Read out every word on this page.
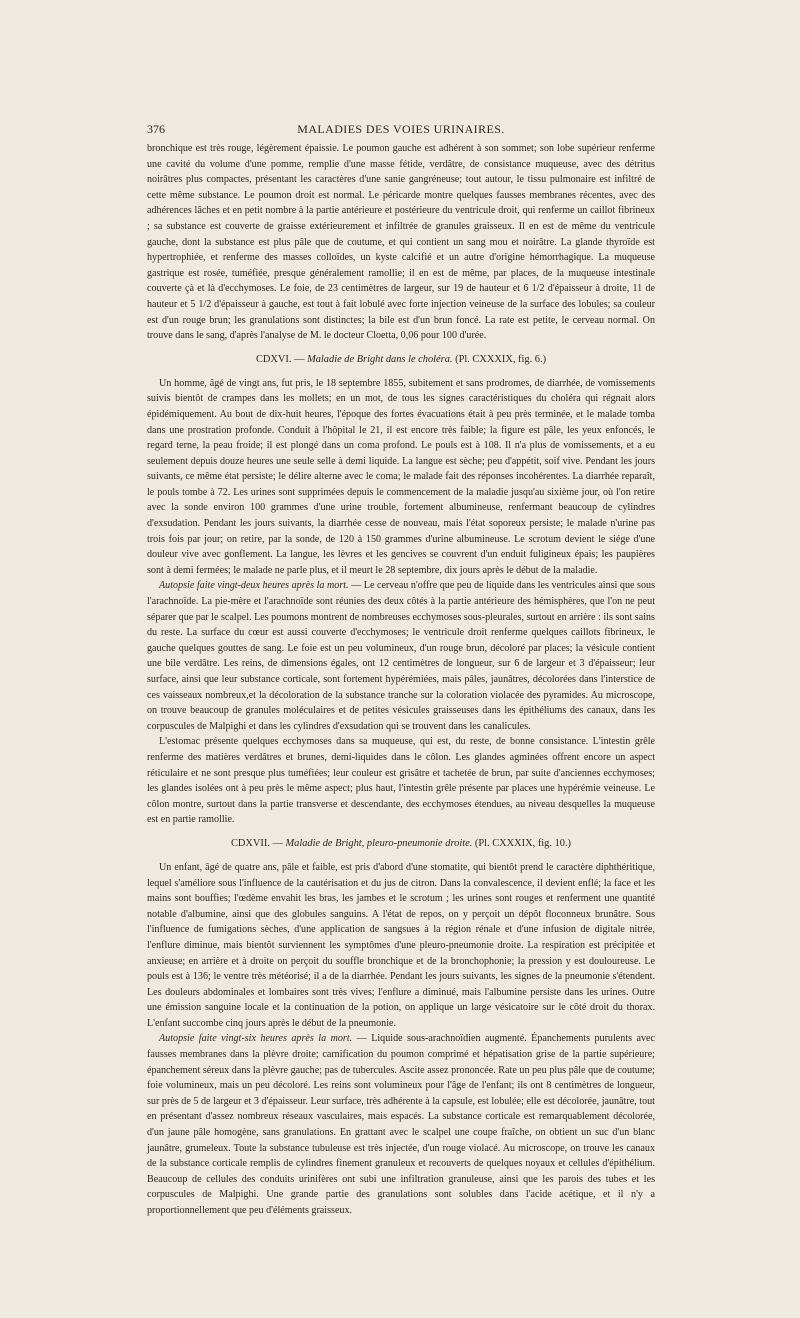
376	MALADIES DES VOIES URINAIRES.

bronchique est très rouge, légèrement épaissie. Le poumon gauche est adhérent à son sommet; son lobe supérieur renferme une cavité du volume d'une pomme, remplie d'une masse fétide, verdâtre, de consistance muqueuse, avec des détritus noirâtres plus compactes, présentant les caractères d'une sanie gangréneuse; tout autour, le tissu pulmonaire est infiltré de cette même substance. Le poumon droit est normal. Le péricarde montre quelques fausses membranes récentes, avec des adhérences lâches et en petit nombre à la partie antérieure et postérieure du ventricule droit, qui renferme un caillot fibrineux ; sa substance est couverte de graisse extérieurement et infiltrée de granules graisseux. Il en est de même du ventricule gauche, dont la substance est plus pâle que de coutume, et qui contient un sang mou et noirâtre. La glande thyroïde est hypertrophiée, et renferme des masses colloïdes, un kyste calcifié et un autre d'origine hémorrhagique. La muqueuse gastrique est rosée, tuméfiée, presque généralement ramollie; il en est de même, par places, de la muqueuse intestinale couverte çà et là d'ecchymoses. Le foie, de 23 centimètres de largeur, sur 19 de hauteur et 6 1/2 d'épaisseur à droite, 11 de hauteur et 5 1/2 d'épaisseur à gauche, est tout à fait lobulé avec forte injection veineuse de la surface des lobules; sa couleur est d'un rouge brun; les granulations sont distinctes; la bile est d'un brun foncé. La rate est petite, le cerveau normal. On trouve dans le sang, d'après l'analyse de M. le docteur Cloetta, 0,06 pour 100 d'urée.

CDXVI. — Maladie de Bright dans le choléra. (Pl. CXXXIX, fig. 6.)

Un homme, âgé de vingt ans, fut pris, le 18 septembre 1855, subitement et sans prodromes, de diarrhée, de vomissements suivis bientôt de crampes dans les mollets; en un mot, de tous les signes caractéristiques du choléra qui régnait alors épidémiquement. Au bout de dix-huit heures, l'époque des fortes évacuations était à peu près terminée, et le malade tomba dans une prostration profonde. Conduit à l'hôpital le 21, il est encore très faible; la figure est pâle, les yeux enfoncés, le regard terne, la peau froide; il est plongé dans un coma profond. Le pouls est à 108. Il n'a plus de vomissements, et a eu seulement depuis douze heures une seule selle à demi liquide. La langue est sèche; peu d'appétit, soif vive. Pendant les jours suivants, ce même état persiste; le délire alterne avec le coma; le malade fait des réponses incohérentes. La diarrhée reparaît, le pouls tombe à 72. Les urines sont supprimées depuis le commencement de la maladie jusqu'au sixième jour, où l'on retire avec la sonde environ 100 grammes d'une urine trouble, fortement albumineuse, renfermant beaucoup de cylindres d'exsudation. Pendant les jours suivants, la diarrhée cesse de nouveau, mais l'état soporeux persiste; le malade n'urine pas trois fois par jour; on retire, par la sonde, de 120 à 150 grammes d'urine albumineuse. Le scrotum devient le siége d'une douleur vive avec gonflement. La langue, les lèvres et les gencives se couvrent d'un enduit fuligineux épais; les paupières sont à demi fermées; le malade ne parle plus, et il meurt le 28 septembre, dix jours après le début de la maladie.

Autopsie faite vingt-deux heures après la mort. — Le cerveau n'offre que peu de liquide dans les ventricules ainsi que sous l'arachnoïde. La pie-mère et l'arachnoïde sont réunies des deux côtés à la partie antérieure des hémisphères, que l'on ne peut séparer que par le scalpel. Les poumons montrent de nombreuses ecchymoses sous-pleurales, surtout en arrière : ils sont sains du reste. La surface du cœur est aussi couverte d'ecchymoses; le ventricule droit renferme quelques caillots fibrineux, le gauche quelques gouttes de sang. Le foie est un peu volumineux, d'un rouge brun, décoloré par places; la vésicule contient une bile verdâtre. Les reins, de dimensions égales, ont 12 centimètres de longueur, sur 6 de largeur et 3 d'épaisseur; leur surface, ainsi que leur substance corticale, sont fortement hypérémiées, mais pâles, jaunâtres, décolorées dans l'interstice de ces vaisseaux nombreux,et la décoloration de la substance tranche sur la coloration violacée des pyramides. Au microscope, on trouve beaucoup de granules moléculaires et de petites vésicules graisseuses dans les épithéliums des canaux, dans les corpuscules de Malpighi et dans les cylindres d'exsudation qui se trouvent dans les canalicules.

L'estomac présente quelques ecchymoses dans sa muqueuse, qui est, du reste, de bonne consistance. L'intestin grêle renferme des matières verdâtres et brunes, demi-liquides dans le côlon. Les glandes agminées offrent encore un aspect réticulaire et ne sont presque plus tuméfiées; leur couleur est grisâtre et tachetée de brun, par suite d'anciennes ecchymoses; les glandes isolées ont à peu près le même aspect; plus haut, l'intestin grêle présente par places une hypérémie veineuse. Le côlon montre, surtout dans la partie transverse et descendante, des ecchymoses étendues, au niveau desquelles la muqueuse est en partie ramollie.

CDXVII. — Maladie de Bright, pleuro-pneumonie droite. (Pl. CXXXIX, fig. 10.)

Un enfant, âgé de quatre ans, pâle et faible, est pris d'abord d'une stomatite, qui bientôt prend le caractère diphthéritique, lequel s'améliore sous l'influence de la cautérisation et du jus de citron. Dans la convalescence, il devient enflé; la face et les mains sont bouffies; l'œdème envahit les bras, les jambes et le scrotum ; les urines sont rouges et renferment une quantité notable d'albumine, ainsi que des globules sanguins. A l'état de repos, on y perçoit un dépôt floconneux brunâtre. Sous l'influence de fumigations sèches, d'une application de sangsues à la région rénale et d'une infusion de digitale nitrée, l'enflure diminue, mais bientôt surviennent les symptômes d'une pleuro-pneumonie droite. La respiration est précipitée et anxieuse; en arrière et à droite on perçoit du souffle bronchique et de la bronchophonie; la pression y est douloureuse. Le pouls est à 136; le ventre très météorisé; il a de la diarrhée. Pendant les jours suivants, les signes de la pneumonie s'étendent. Les douleurs abdominales et lombaires sont très vives; l'enflure a diminué, mais l'albumine persiste dans les urines. Outre une émission sanguine locale et la continuation de la potion, on applique un large vésicatoire sur le côté droit du thorax. L'enfant succombe cinq jours après le début de la pneumonie.

Autopsie faite vingt-six heures après la mort. — Liquide sous-arachnoïdien augmenté. Épanchements purulents avec fausses membranes dans la plèvre droite; carnification du poumon comprimé et hépatisation grise de la partie supérieure; épanchement séreux dans la plèvre gauche; pas de tubercules. Ascite assez prononcée. Rate un peu plus pâle que de coutume; foie volumineux, mais un peu décoloré. Les reins sont volumineux pour l'âge de l'enfant; ils ont 8 centimètres de longueur, sur près de 5 de largeur et 3 d'épaisseur. Leur surface, très adhérente à la capsule, est lobulée; elle est décolorée, jaunâtre, tout en présentant d'assez nombreux réseaux vasculaires, mais espacés. La substance corticale est remarquablement décolorée, d'un jaune pâle homogène, sans granulations. En grattant avec le scalpel une coupe fraîche, on obtient un suc d'un blanc jaunâtre, grumeleux. Toute la substance tubuleuse est très injectée, d'un rouge violacé. Au microscope, on trouve les canaux de la substance corticale remplis de cylindres finement granuleux et recouverts de quelques noyaux et cellules d'épithélium. Beaucoup de cellules des conduits urinifères ont subi une infiltration granuleuse, ainsi que les parois des tubes et les corpuscules de Malpighi. Une grande partie des granulations sont solubles dans l'acide acétique, et il n'y a proportionnellement que peu d'éléments graisseux.
